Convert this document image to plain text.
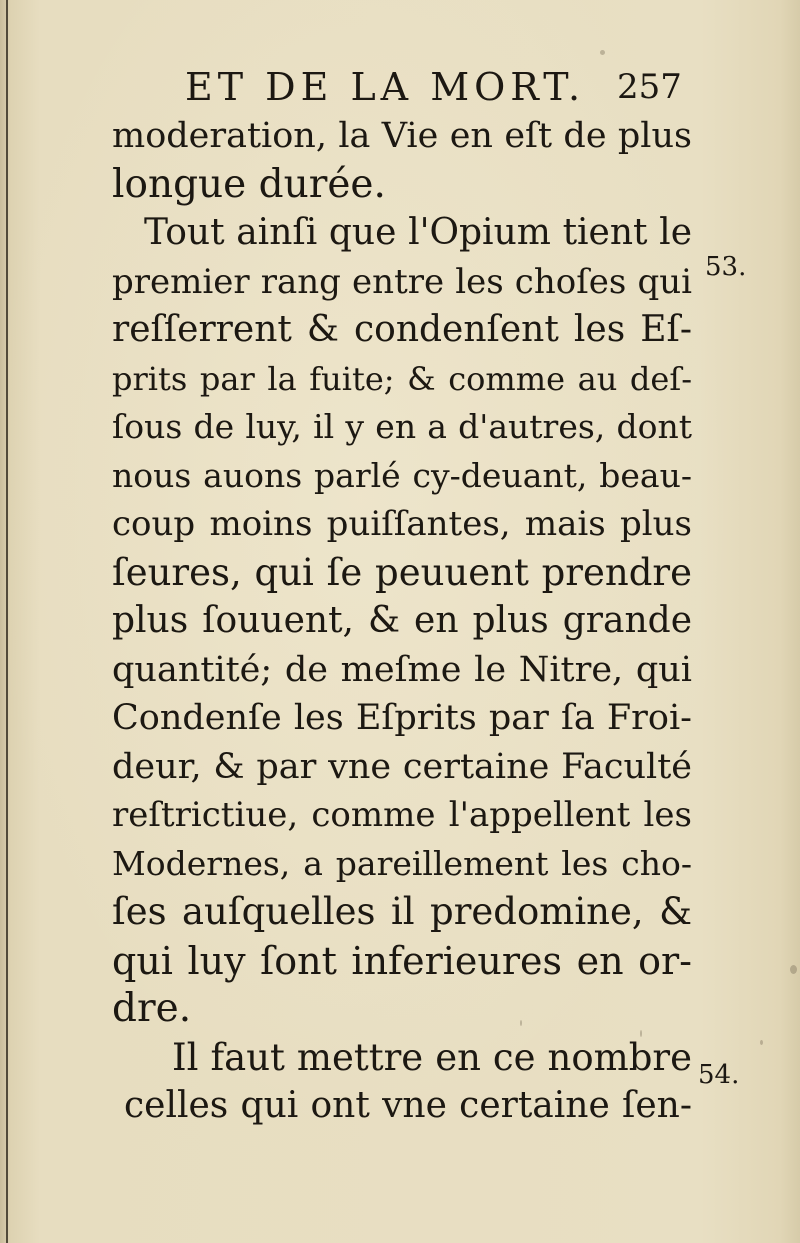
ET DE LA MORT. 257
moderation, la Vie en eſt de plus
longue durée.
Tout ainſi que l'Opium tient le
premier rang entre les choſes qui
reſſerrent & condenſent les Eſ-
prits par la fuite; & comme au deſ-
ſous de luy, il y en a d'autres, dont
nous auons parlé cy-deuant, beau-
coup moins puiſſantes, mais plus
ſeures, qui ſe peuuent prendre
plus ſouuent, & en plus grande
quantité; de meſme le Nitre, qui
Condenſe les Eſprits par ſa Froi-
deur, & par vne certaine Faculté
reſtrictiue, comme l'appellent les
Modernes, a pareillement les cho-
ſes auſquelles il predomine, &
qui luy ſont inferieures en or-
dre.
Il faut mettre en ce nombre
celles qui ont vne certaine ſen-
53.
54.
